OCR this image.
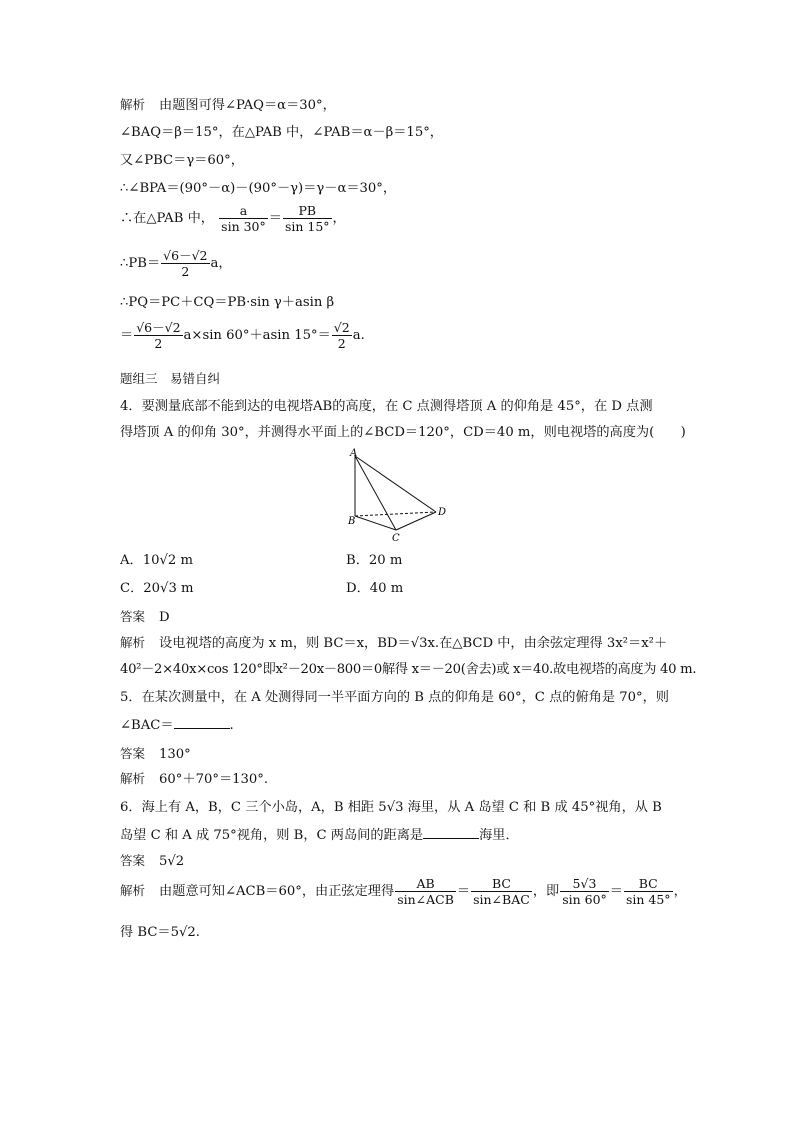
解析 由题图可得∠PAQ＝α＝30°，
∠BAQ＝β＝15°，在△PAB 中，∠PAB＝α－β＝15°，
又∠PBC＝γ＝60°，
∴∠BPA＝(90°－α)－(90°－γ)＝γ－α＝30°，
∴在△PAB 中， $\frac{a}{\sin 30^\circ} = \frac{PB}{\sin 15^\circ}$ ，
∴PB＝ $\frac{√6-√2}{2}$ a，
∴PQ＝PC＋CQ＝PB·sin γ＋asin β
＝ $\frac{√6-√2}{2} a\times\sin$ 60°＋asin $15^\circ= \frac{√2}{2} a$.
题组三　易错自纠
4．要测量底部不能到达的电视塔AB的高度，在 C 点测得塔顶 A 的仰角是 45°，在 D 点测
得塔顶 A 的仰角 30°，并测得水平面上的∠BCD＝120°，CD＝40 m，则电视塔的高度为(　　)
A
B
C
D
A．10√2 m	B．20 m
C．20√3 m	D．40 m
答案 D
解析 设电视塔的高度为 x m，则 BC＝x，BD＝√3x.在△BCD 中，由余弦定理得 3x²＝x²＋
40²－2×40x×cos 120°即x²－20x－800＝0解得 x＝－20(舍去)或 x＝40.故电视塔的高度为 40 m.
5．在某次测量中，在 A 处测得同一半平面方向的 B 点的仰角是 60°，C 点的俯角是 70°，则
∠BAC＝	.
答案 130°
解析 60°＋70°＝130°.
6．海上有 A，B，C 三个小岛，A，B 相距 5√3 海里，从 A 岛望 C 和 B 成 45°视角，从 B
岛望 C 和 A 成 75°视角，则 B，C 两岛间的距离是	海里．
答案 5√2
解析 由题意可知∠ACB＝60°，由正弦定理得 $\frac{AB}{\text{sin∠ACB}} = \frac{BC}{\text{sin∠BAC}}$ ，即 $\frac{5√3}{\sin 60^\circ} = \frac{BC}{\sin 45^\circ}$ ，
得 BC＝5√2.
